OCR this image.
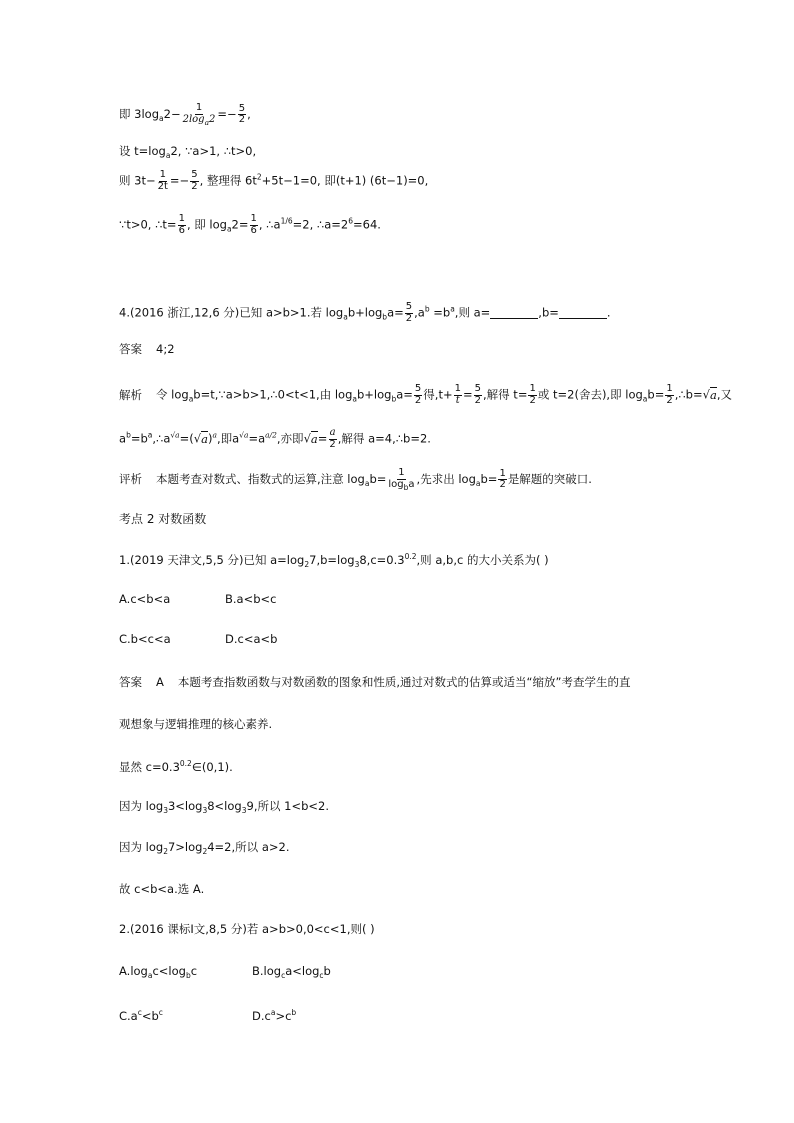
即 $3\log_a2- \frac{1}{2\log_a2} =- \frac{5}{2}$ ,
设 $t=\log_a2$, ∵a>1, ∴t>0,
则 $3t- \frac{1}{2t} =- \frac{5}{2}$ , 整理得 $6t^2+5t-1=0$, 即(t+1) (6t−1)=0,
∵t>0, ∴t= $\frac{1}{6}$ , 即 $\log_a2= \frac{1}{6}$ , $\therefore a^{1/6}=2$, $\therefore a=2^6=64$.
4.(2016 浙江,12,6 分)已知 a>b>1.若 $\log_ab+\log_ba= \frac{5}{2} ,a^b =b^a$,则 a=	,b=	.
答案 4;2
解析 令 $\log_ab=t,\because a>b>1,\therefore 0<t<1$,由 $\log_ab+\log_ba= \frac{5}{2}$ 得$,t+ \frac{1}{t} = \frac{5}{2}$ ,解得 $t= \frac{1}{2}$ 或 t=2(舍去),即 $\log_ab= \frac{1}{2}$ ,∴b=√a,又
$a^b=b^a,\therefore a^{√a}=(√a)^a$,即$a^{√a}=a^{a/2}$,亦即$√a= \frac{a}{2}$ ,解得 a=4,∴b=2.
评析 本题考查对数式、指数式的运算,注意 $\log_ab= \frac{1}{\log_ba}$ ,先求出 $\log_ab= \frac{1}{2}$ 是解题的突破口.
考点 2 对数函数
1.(2019 天津文,5,5 分)已知 $a=\log_27,b=\log_38,c=0.3^{0.2}$,则 a,b,c 的大小关系为( )
A.c<b<a	B.a<b<c
C.b<c<a	D.c<a<b
答案 A 本题考查指数函数与对数函数的图象和性质,通过对数式的估算或适当“缩放”考查学生的直
观想象与逻辑推理的核心素养.
显然 $c=0.3^{0.2}\in(0,1)$.
因为 $\log_33<\log_38<\log_39$,所以 1<b<2.
因为 $\log_27>\log_24=2$,所以 a>2.
故 c<b<a.选 A.
2.(2016 课标Ⅰ文,8,5 分)若 a>b>0,0<c<1,则( )
$A.\log_ac<\log_bc$	$B.\log_ca<\log_cb$
$C.a^c<b^c$	$D.c^a>c^b$
